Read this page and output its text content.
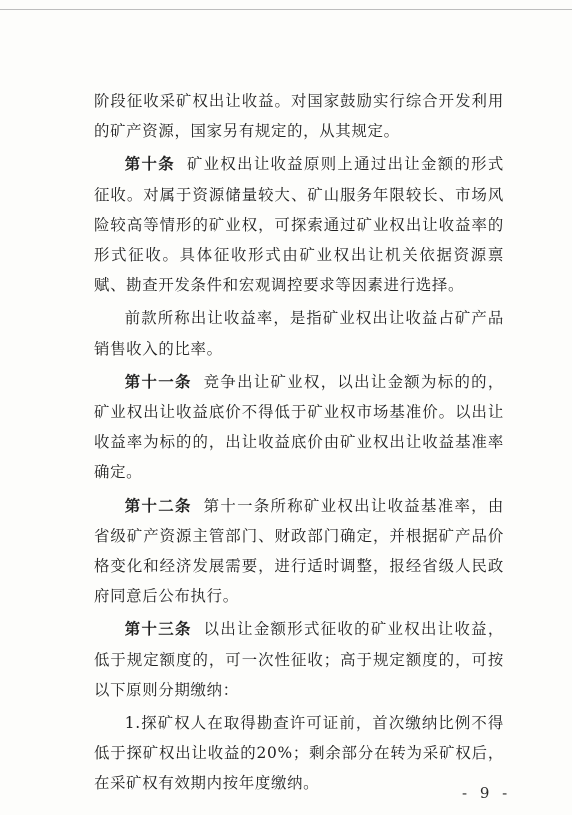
阶段征收采矿权出让收益。对国家鼓励实行综合开发利用的矿产资源，国家另有规定的，从其规定。

第十条 矿业权出让收益原则上通过出让金额的形式征收。对属于资源储量较大、矿山服务年限较长、市场风险较高等情形的矿业权，可探索通过矿业权出让收益率的形式征收。具体征收形式由矿业权出让机关依据资源禀赋、勘查开发条件和宏观调控要求等因素进行选择。

前款所称出让收益率，是指矿业权出让收益占矿产品销售收入的比率。

第十一条 竞争出让矿业权，以出让金额为标的的，矿业权出让收益底价不得低于矿业权市场基准价。以出让收益率为标的的，出让收益底价由矿业权出让收益基准率确定。

第十二条 第十一条所称矿业权出让收益基准率，由省级矿产资源主管部门、财政部门确定，并根据矿产品价格变化和经济发展需要，进行适时调整，报经省级人民政府同意后公布执行。

第十三条 以出让金额形式征收的矿业权出让收益，低于规定额度的，可一次性征收；高于规定额度的，可按以下原则分期缴纳：

1.探矿权人在取得勘查许可证前，首次缴纳比例不得低于探矿权出让收益的20%；剩余部分在转为采矿权后，在采矿权有效期内按年度缴纳。

- 9 -
